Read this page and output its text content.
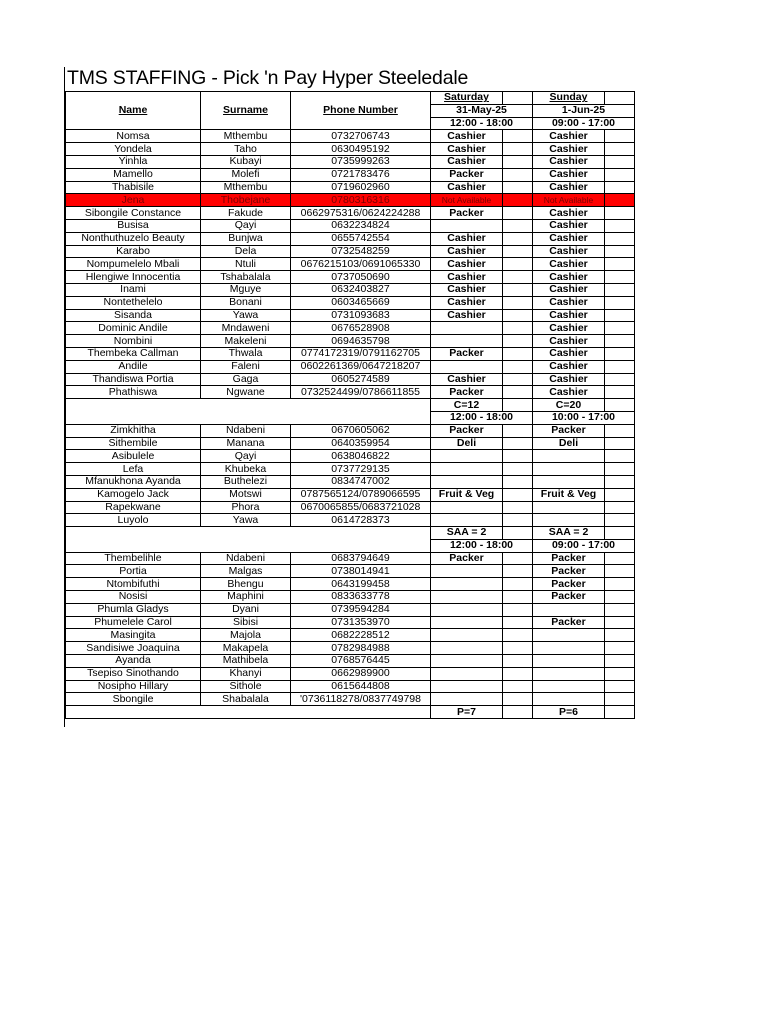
TMS STAFFING - Pick 'n Pay Hyper Steeledale
Name	Surname	Phone Number	Saturday		Sunday	
			31-May-25		1-Jun-25	
			12:00 - 18:00		09:00 - 17:00	
Nomsa	Mthembu	0732706743	Cashier		Cashier	
Yondela	Taho	0630495192	Cashier		Cashier	
Yinhla	Kubayi	0735999263	Cashier		Cashier	
Mamello	Molefi	0721783476	Packer		Cashier	
Thabisile	Mthembu	0719602960	Cashier		Cashier	
Jena	Thobejane	0780316316	Not Available		Not Available	
Sibongile Constance	Fakude	0662975316/0624224288	Packer		Cashier	
Busisa	Qayi	0632234824			Cashier	
Nonthuthuzelo Beauty	Bunjwa	0655742554	Cashier		Cashier	
Karabo	Dela	0732548259	Cashier		Cashier	
Nompumelelo Mbali	Ntuli	0676215103/0691065330	Cashier		Cashier	
Hlengiwe Innocentia	Tshabalala	0737050690	Cashier		Cashier	
Inami	Mguye	0632403827	Cashier		Cashier	
Nontethelelo	Bonani	0603465669	Cashier		Cashier	
Sisanda	Yawa	0731093683	Cashier		Cashier	
Dominic Andile	Mndaweni	0676528908			Cashier	
Nombini	Makeleni	0694635798			Cashier	
Thembeka Callman	Thwala	0774172319/0791162705	Packer		Cashier	
Andile	Faleni	0602261369/0647218207			Cashier	
Thandiswa Portia	Gaga	0605274589	Cashier		Cashier	
Phathiswa	Ngwane	0732524499/0786611855	Packer		Cashier	
			C=12		C=20	
			12:00 - 18:00		10:00 - 17:00	
Zimkhitha	Ndabeni	0670605062	Packer		Packer	
Sithembile	Manana	0640359954	Deli		Deli	
Asibulele	Qayi	0638046822				
Lefa	Khubeka	0737729135				
Mfanukhona Ayanda	Buthelezi	0834747002				
Kamogelo Jack	Motswi	0787565124/0789066595	Fruit & Veg		Fruit & Veg	
Rapekwane	Phora	0670065855/0683721028				
Luyolo	Yawa	0614728373				
			SAA = 2		SAA = 2	
			12:00 - 18:00		09:00 - 17:00	
Thembelihle	Ndabeni	0683794649	Packer		Packer	
Portia	Malgas	0738014941			Packer	
Ntombifuthi	Bhengu	0643199458			Packer	
Nosisi	Maphini	0833633778			Packer	
Phumla Gladys	Dyani	0739594284				
Phumelele Carol	Sibisi	0731353970			Packer	
Masingita	Majola	0682228512				
Sandisiwe Joaquina	Makapela	0782984988				
Ayanda	Mathibela	0768576445				
Tsepiso Sinothando	Khanyi	0662989900				
Nosipho Hillary	Sithole	0615644808				
Sbongile	Shabalala	'0736118278/0837749798				
			P=7		P=6	
